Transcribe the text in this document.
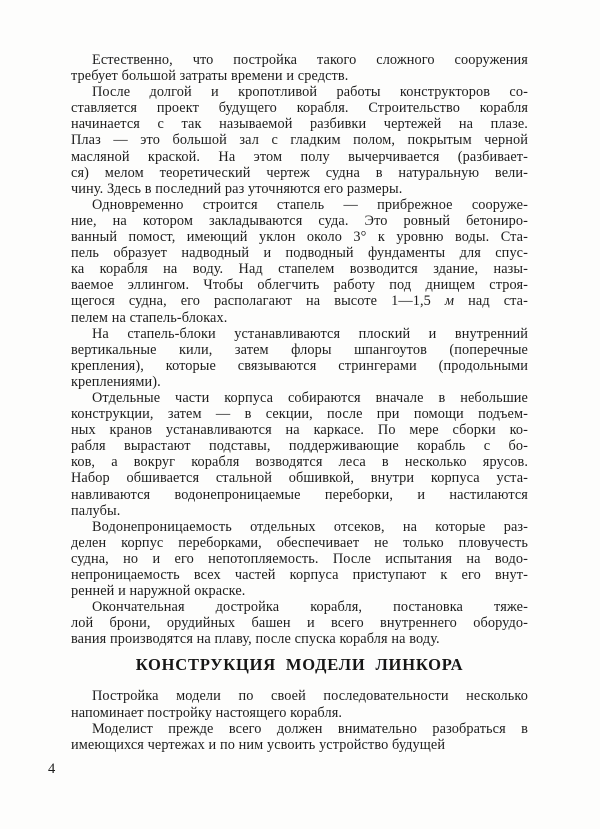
Естественно, что постройка такого сложного сооружения
требует большой затраты времени и средств.
После долгой и кропотливой работы конструкторов со-
ставляется проект будущего корабля. Строительство корабля
начинается с так называемой разбивки чертежей на плазе.
Плаз — это большой зал с гладким полом, покрытым черной
масляной краской. На этом полу вычерчивается (разбивает-
ся) мелом теоретический чертеж судна в натуральную вели-
чину. Здесь в последний раз уточняются его размеры.
Одновременно строится стапель — прибрежное сооруже-
ние, на котором закладываются суда. Это ровный бетониро-
ванный помост, имеющий уклон около 3° к уровню воды. Ста-
пель образует надводный и подводный фундаменты для спус-
ка корабля на воду. Над стапелем возводится здание, назы-
ваемое эллингом. Чтобы облегчить работу под днищем строя-
щегося судна, его располагают на высоте 1—1,5 м над ста-
пелем на стапель-блоках.
На стапель-блоки устанавливаются плоский и внутренний
вертикальные кили, затем флоры шпангоутов (поперечные
крепления), которые связываются стрингерами (продольными
креплениями).
Отдельные части корпуса собираются вначале в небольшие
конструкции, затем — в секции, после при помощи подъем-
ных кранов устанавливаются на каркасе. По мере сборки ко-
рабля вырастают подставы, поддерживающие корабль с бо-
ков, а вокруг корабля возводятся леса в несколько ярусов.
Набор обшивается стальной обшивкой, внутри корпуса уста-
навливаются водонепроницаемые переборки, и настилаются
палубы.
Водонепроницаемость отдельных отсеков, на которые раз-
делен корпус переборками, обеспечивает не только пловучесть
судна, но и его непотопляемость. После испытания на водо-
непроницаемость всех частей корпуса приступают к его внут-
ренней и наружной окраске.
Окончательная достройка корабля, постановка тяже-
лой брони, орудийных башен и всего внутреннего оборудо-
вания производятся на плаву, после спуска корабля на воду.
КОНСТРУКЦИЯ МОДЕЛИ ЛИНКОРА
Постройка модели по своей последовательности несколько
напоминает постройку настоящего корабля.
Моделист прежде всего должен внимательно разобраться в
имеющихся чертежах и по ним усвоить устройство будущей
4
